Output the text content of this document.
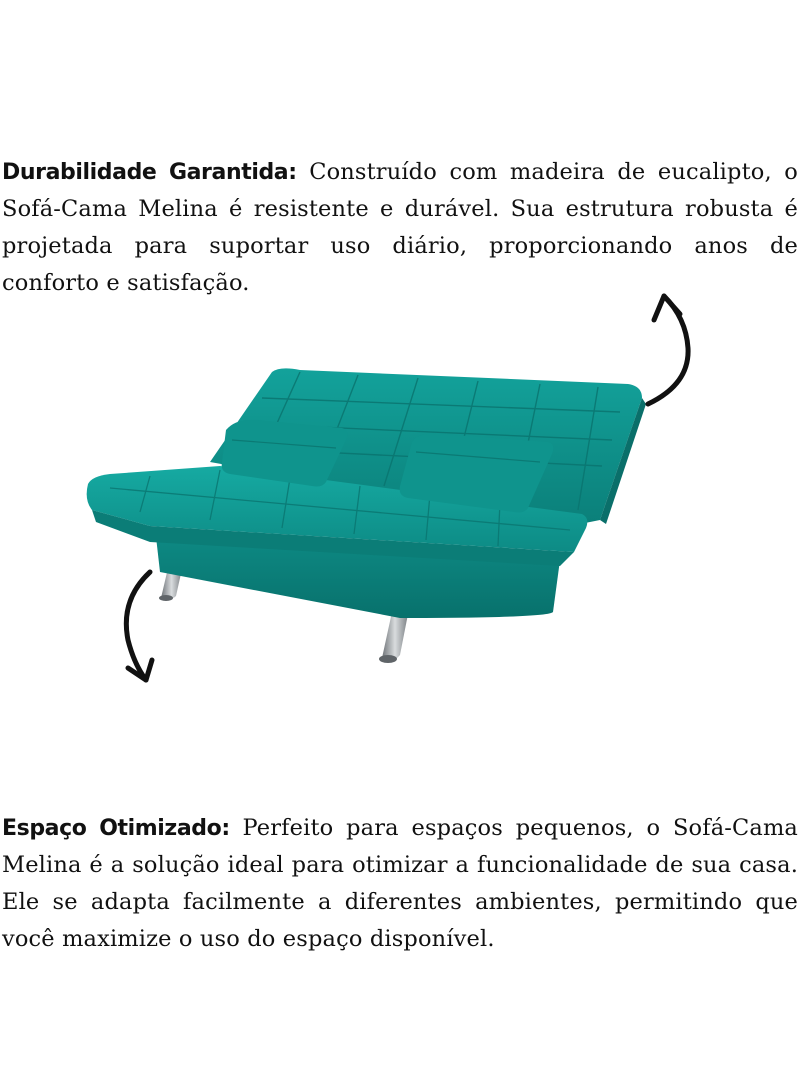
Durabilidade Garantida: Construído com madeira de eucalipto, o Sofá-Cama Melina é resistente e durável. Sua estrutura robusta é projetada para suportar uso diário, proporcionando anos de conforto e satisfação.

Espaço Otimizado: Perfeito para espaços pequenos, o Sofá-Cama Melina é a solução ideal para otimizar a funcionalidade de sua casa. Ele se adapta facilmente a diferentes ambientes, permitindo que você maximize o uso do espaço disponível.
